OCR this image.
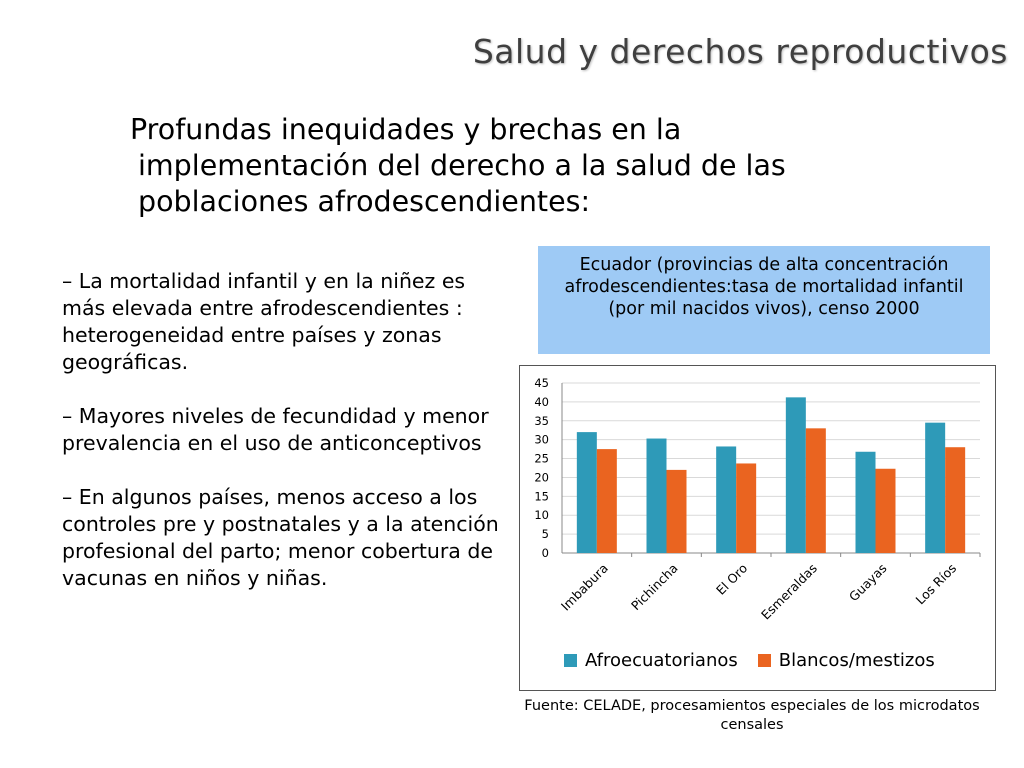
Salud y derechos reproductivos

Profundas inequidades y brechas en la implementación del derecho a la salud de las poblaciones afrodescendientes:

– La mortalidad infantil y en la niñez es más elevada entre afrodescendientes : heterogeneidad entre países y zonas geográficas.

– Mayores niveles de fecundidad y menor prevalencia en el uso de anticonceptivos

– En algunos países, menos acceso a los controles pre y postnatales y a la atención profesional del parto; menor cobertura de vacunas en niños y niñas.

Ecuador (provincias de alta concentración afrodescendientes:tasa de mortalidad infantil (por mil nacidos vivos), censo 2000
0
5
10
15
20
25
30
35
40
45
Imbabura Pichincha	El Oro Esmeraldas Guayas Los Ríos
Afroecuatorianos Blancos/mestizos
Fuente: CELADE, procesamientos especiales de los microdatos censales
